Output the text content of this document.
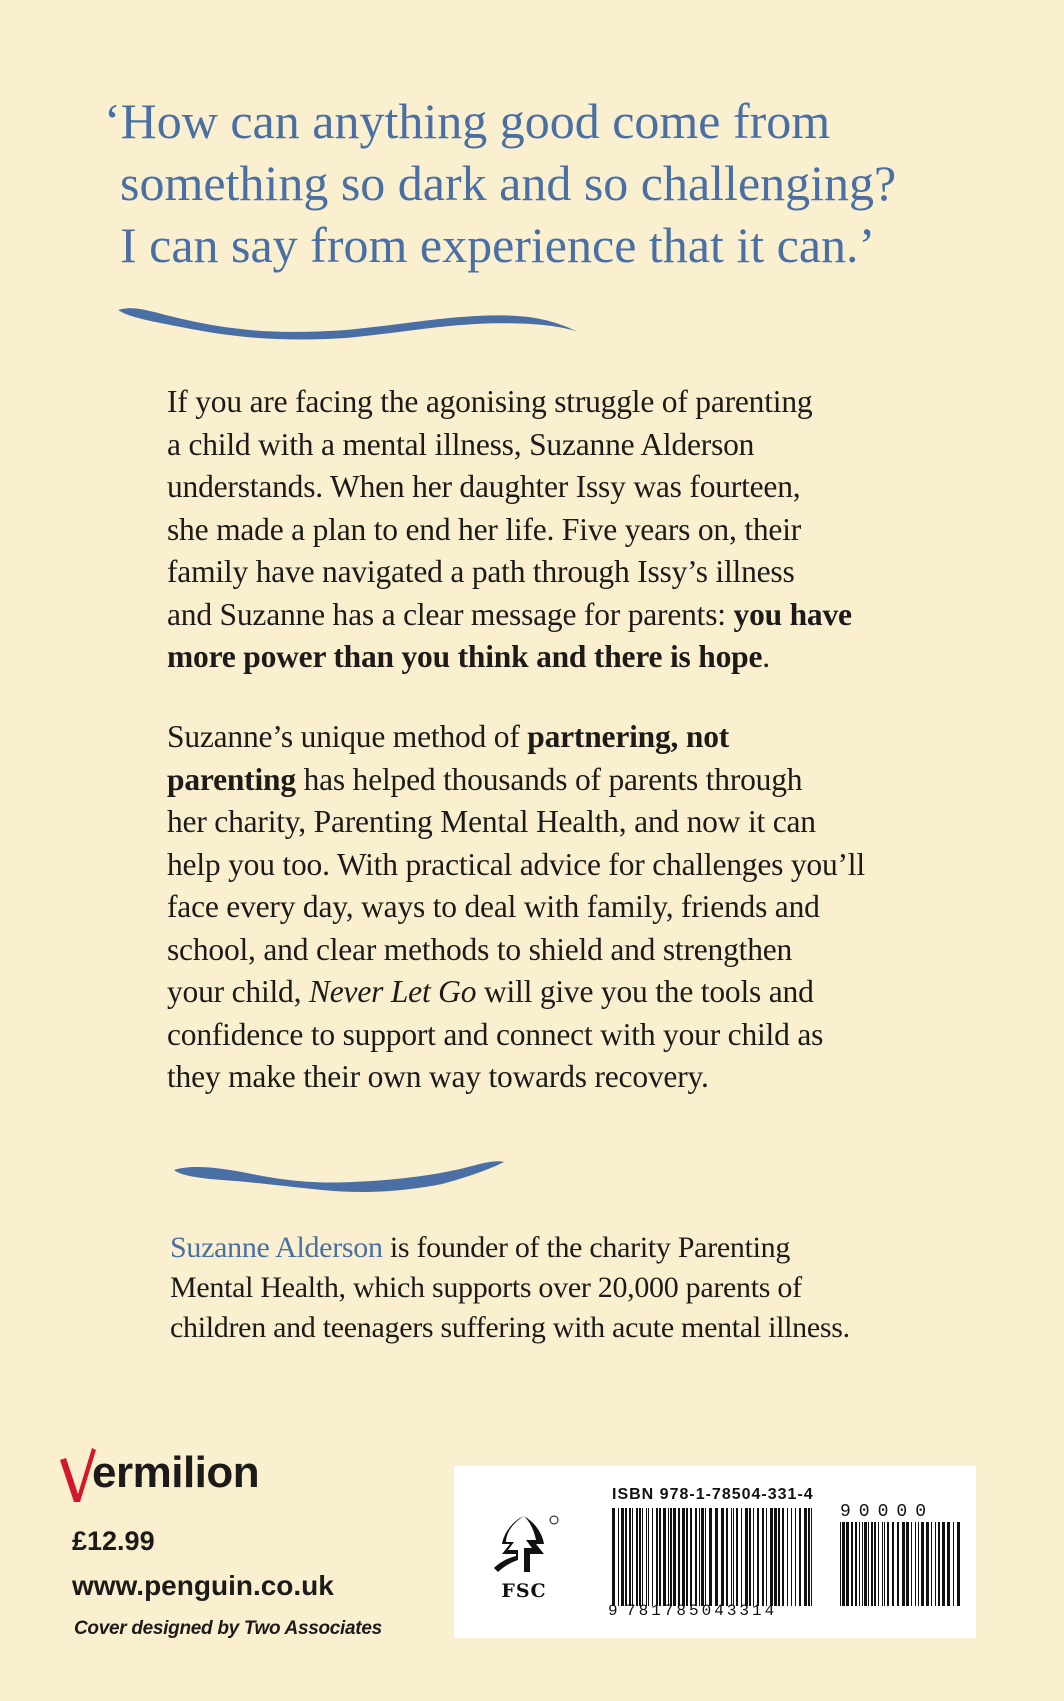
‘How can anything good come from
something so dark and so challenging?
I can say from experience that it can.’
If you are facing the agonising struggle of parenting
a child with a mental illness, Suzanne Alderson
understands. When her daughter Issy was fourteen,
she made a plan to end her life. Five years on, their
family have navigated a path through Issy’s illness
and Suzanne has a clear message for parents: you have
more power than you think and there is hope.
Suzanne’s unique method of partnering, not
parenting has helped thousands of parents through
her charity, Parenting Mental Health, and now it can
help you too. With practical advice for challenges you’ll
face every day, ways to deal with family, friends and
school, and clear methods to shield and strengthen
your child, Never Let Go will give you the tools and
confidence to support and connect with your child as
they make their own way towards recovery.
Suzanne Alderson is founder of the charity Parenting
Mental Health, which supports over 20,000 parents of
children and teenagers suffering with acute mental illness.
ermilion
£12.99
www.penguin.co.uk
Cover designed by Two Associates
FSC
ISBN 978-1-78504-331-4
9 781785043314
90000
